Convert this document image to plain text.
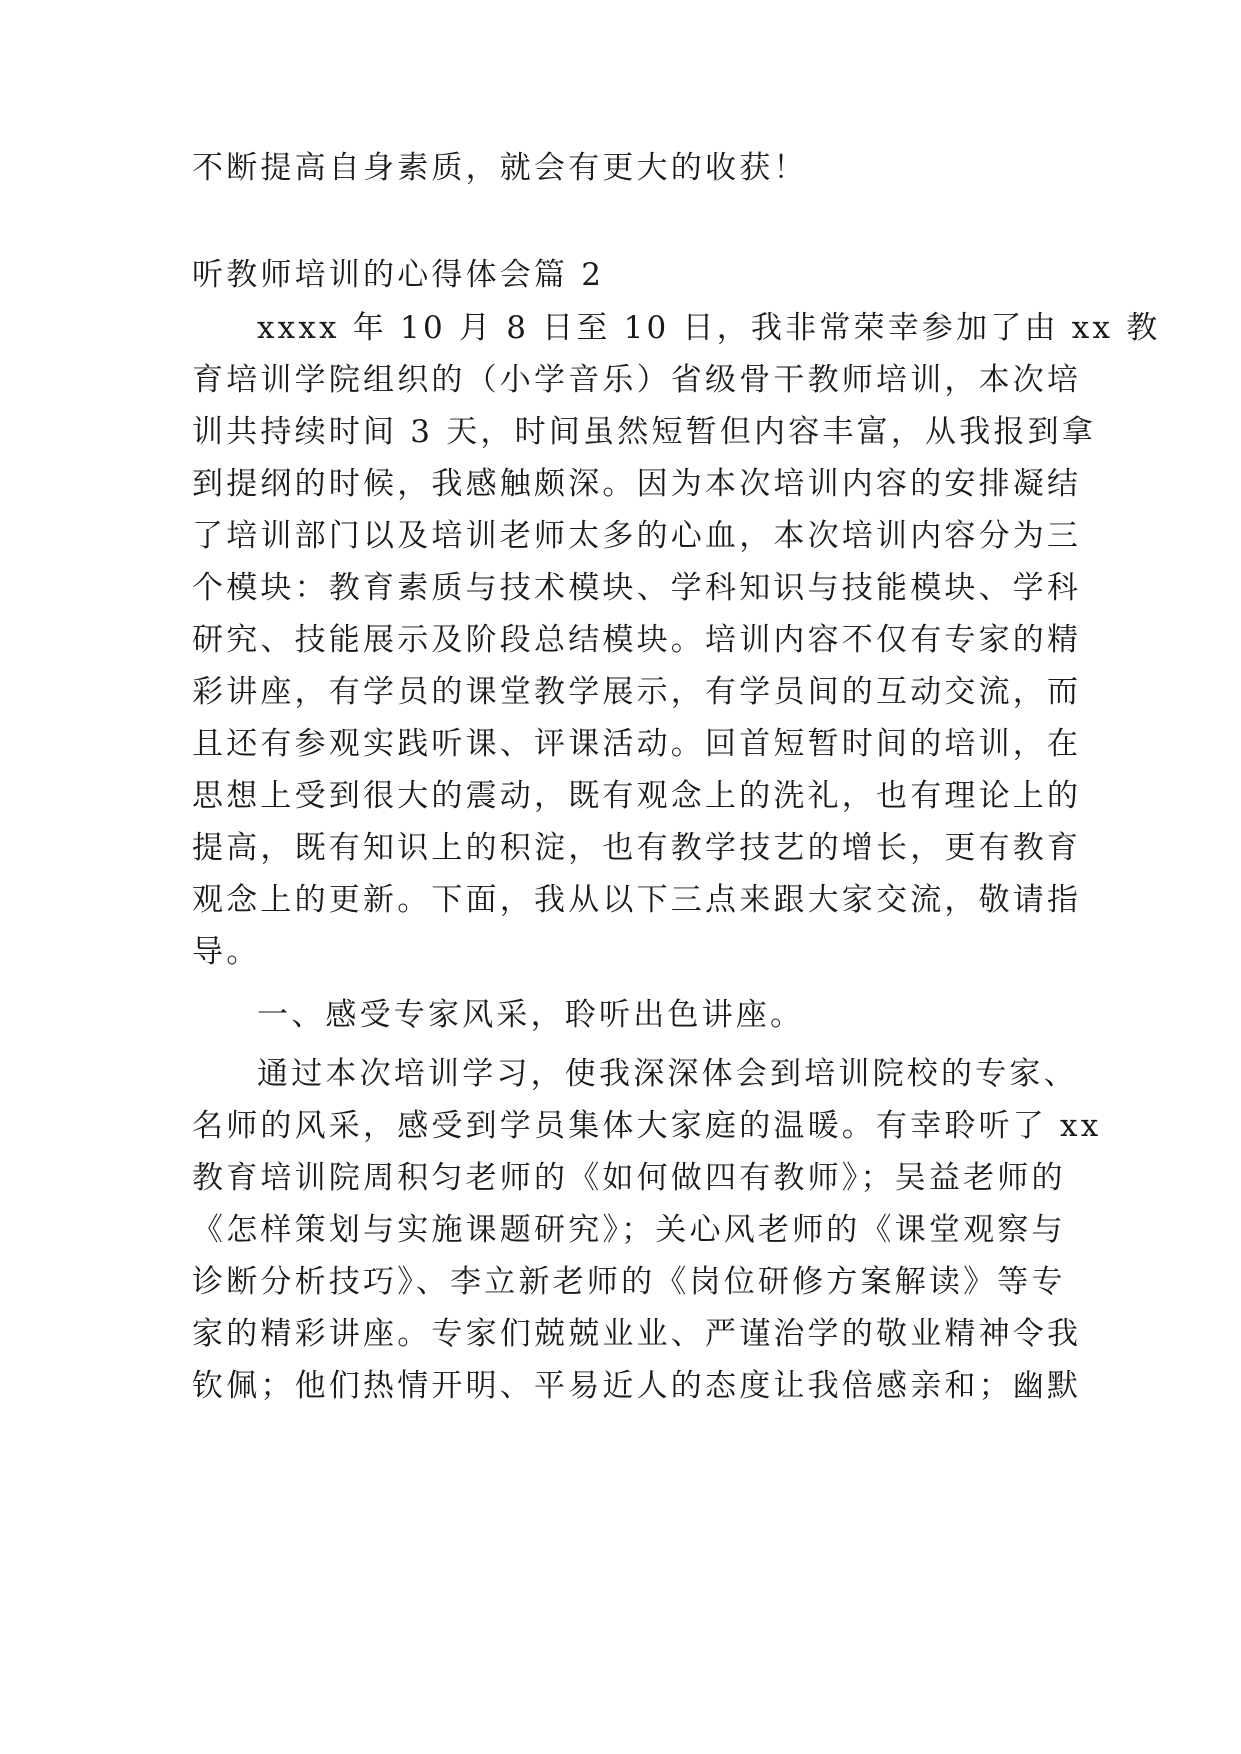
不断提高自身素质，就会有更大的收获！
听教师培训的心得体会篇 2
xxxx 年 10 月 8 日至 10 日，我非常荣幸参加了由 xx 教
育培训学院组织的（小学音乐）省级骨干教师培训，本次培
训共持续时间 3 天，时间虽然短暂但内容丰富，从我报到拿
到提纲的时候，我感触颇深。因为本次培训内容的安排凝结
了培训部门以及培训老师太多的心血，本次培训内容分为三
个模块：教育素质与技术模块、学科知识与技能模块、学科
研究、技能展示及阶段总结模块。培训内容不仅有专家的精
彩讲座，有学员的课堂教学展示，有学员间的互动交流，而
且还有参观实践听课、评课活动。回首短暂时间的培训，在
思想上受到很大的震动，既有观念上的洗礼，也有理论上的
提高，既有知识上的积淀，也有教学技艺的增长，更有教育
观念上的更新。下面，我从以下三点来跟大家交流，敬请指
导。
一、感受专家风采，聆听出色讲座。
通过本次培训学习，使我深深体会到培训院校的专家、
名师的风采，感受到学员集体大家庭的温暖。有幸聆听了 xx
教育培训院周积匀老师的《如何做四有教师》；吴益老师的
《怎样策划与实施课题研究》；关心风老师的《课堂观察与
诊断分析技巧》、李立新老师的《岗位研修方案解读》等专
家的精彩讲座。专家们兢兢业业、严谨治学的敬业精神令我
钦佩；他们热情开明、平易近人的态度让我倍感亲和；幽默
